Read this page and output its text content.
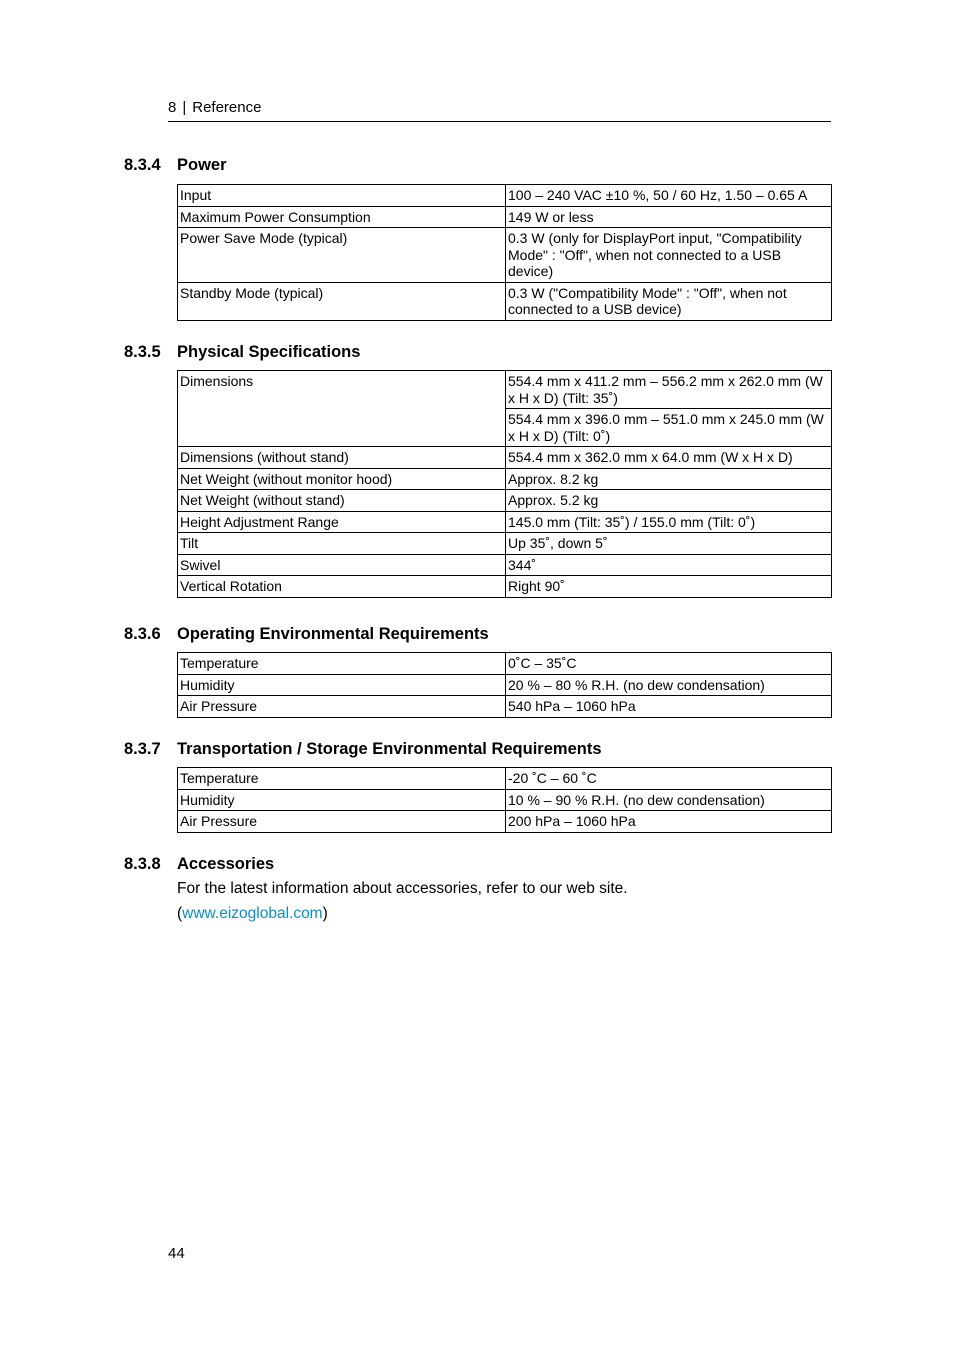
8 | Reference
8.3.4 Power
Input	100 – 240 VAC ±10 %, 50 / 60 Hz, 1.50 – 0.65 A
Maximum Power Consumption	149 W or less
Power Save Mode (typical)	0.3 W (only for DisplayPort input, "Compatibility Mode" : "Off", when not connected to a USB device)
Standby Mode (typical)	0.3 W ("Compatibility Mode" : "Off", when not connected to a USB device)
8.3.5 Physical Specifications
Dimensions	554.4 mm x 411.2 mm – 556.2 mm x 262.0 mm (W x H x D) (Tilt: 35˚)
	554.4 mm x 396.0 mm – 551.0 mm x 245.0 mm (W x H x D) (Tilt: 0˚)
Dimensions (without stand)	554.4 mm x 362.0 mm x 64.0 mm (W x H x D)
Net Weight (without monitor hood)	Approx. 8.2 kg
Net Weight (without stand)	Approx. 5.2 kg
Height Adjustment Range	145.0 mm (Tilt: 35˚) / 155.0 mm (Tilt: 0˚)
Tilt	Up 35˚, down 5˚
Swivel	344˚
Vertical Rotation	Right 90˚
8.3.6 Operating Environmental Requirements
Temperature	0˚C – 35˚C
Humidity	20 % – 80 % R.H. (no dew condensation)
Air Pressure	540 hPa – 1060 hPa
8.3.7 Transportation / Storage Environmental Requirements
Temperature	-20 ˚C – 60 ˚C
Humidity	10 % – 90 % R.H. (no dew condensation)
Air Pressure	200 hPa – 1060 hPa
8.3.8 Accessories
For the latest information about accessories, refer to our web site.
(www.eizoglobal.com)
44
